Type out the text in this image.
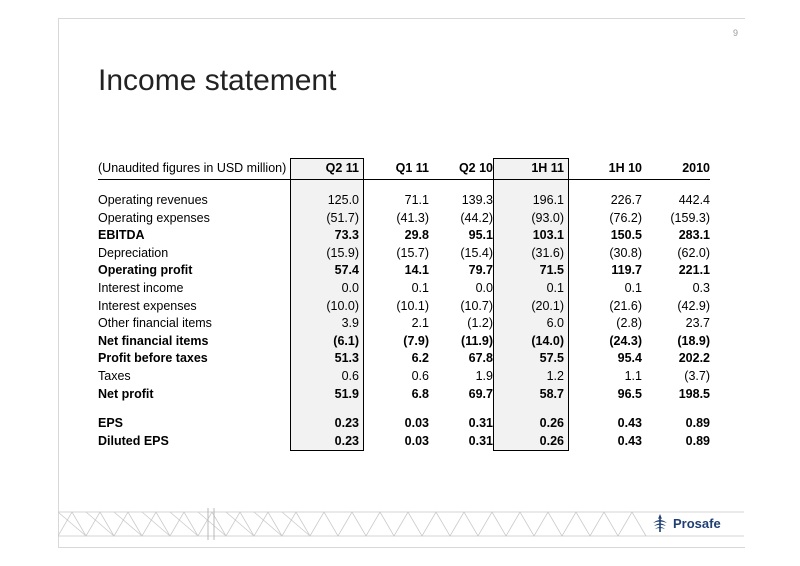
9
Income statement
(Unaudited figures in USD million)	Q2 11	Q1 11	Q2 10	1H 11	1H 10	2010

Operating revenues	125.0	71.1	139.3	196.1	226.7	442.4
Operating expenses	(51.7)	(41.3)	(44.2)	(93.0)	(76.2)	(159.3)
EBITDA	73.3	29.8	95.1	103.1	150.5	283.1
Depreciation	(15.9)	(15.7)	(15.4)	(31.6)	(30.8)	(62.0)
Operating profit	57.4	14.1	79.7	71.5	119.7	221.1
Interest income	0.0	0.1	0.0	0.1	0.1	0.3
Interest expenses	(10.0)	(10.1)	(10.7)	(20.1)	(21.6)	(42.9)
Other financial items	3.9	2.1	(1.2)	6.0	(2.8)	23.7
Net financial items	(6.1)	(7.9)	(11.9)	(14.0)	(24.3)	(18.9)
Profit before taxes	51.3	6.2	67.8	57.5	95.4	202.2
Taxes	0.6	0.6	1.9	1.2	1.1	(3.7)
Net profit	51.9	6.8	69.7	58.7	96.5	198.5

EPS	0.23	0.03	0.31	0.26	0.43	0.89
Diluted EPS	0.23	0.03	0.31	0.26	0.43	0.89
Prosafe
